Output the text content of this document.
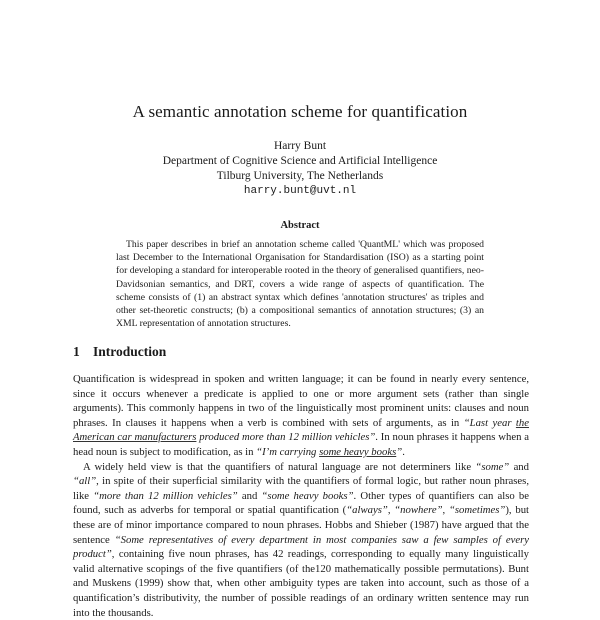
A semantic annotation scheme for quantification
Harry Bunt
Department of Cognitive Science and Artificial Intelligence
Tilburg University, The Netherlands
harry.bunt@uvt.nl
Abstract
This paper describes in brief an annotation scheme called 'QuantML' which was proposed last December to the International Organisation for Standardisation (ISO) as a starting point for developing a standard for interoperable rooted in the theory of generalised quantifiers, neo-Davidsonian semantics, and DRT, covers a wide range of aspects of quantification. The scheme consists of (1) an abstract syntax which defines 'annotation structures' as triples and other set-theoretic constructs; (b) a compositional semantics of annotation structures; (3) an XML representation of annotation structures.
1 Introduction

Quantification is widespread in spoken and written language; it can be found in nearly every sentence, since it occurs whenever a predicate is applied to one or more argument sets (rather than single arguments). This commonly happens in two of the linguistically most prominent units: clauses and noun phrases. In clauses it happens when a verb is combined with sets of arguments, as in “Last year the American car manufacturers produced more than 12 million vehicles”. In noun phrases it happens when a head noun is subject to modification, as in “I’m carrying some heavy books”.

A widely held view is that the quantifiers of natural language are not determiners like “some” and “all”, in spite of their superficial similarity with the quantifiers of formal logic, but rather noun phrases, like “more than 12 million vehicles” and “some heavy books”. Other types of quantifiers can also be found, such as adverbs for temporal or spatial quantification (“always”, “nowhere”, “sometimes”), but these are of minor importance compared to noun phrases. Hobbs and Shieber (1987) have argued that the sentence “Some representatives of every department in most companies saw a few samples of every product”, containing five noun phrases, has 42 readings, corresponding to equally many linguistically valid alternative scopings of the five quantifiers (of the120 mathematically possible permutations). Bunt and Muskens (1999) show that, when other ambiguity types are taken into account, such as those of a quantification’s distributivity, the number of possible readings of an ordinary written sentence may run into the thousands.
